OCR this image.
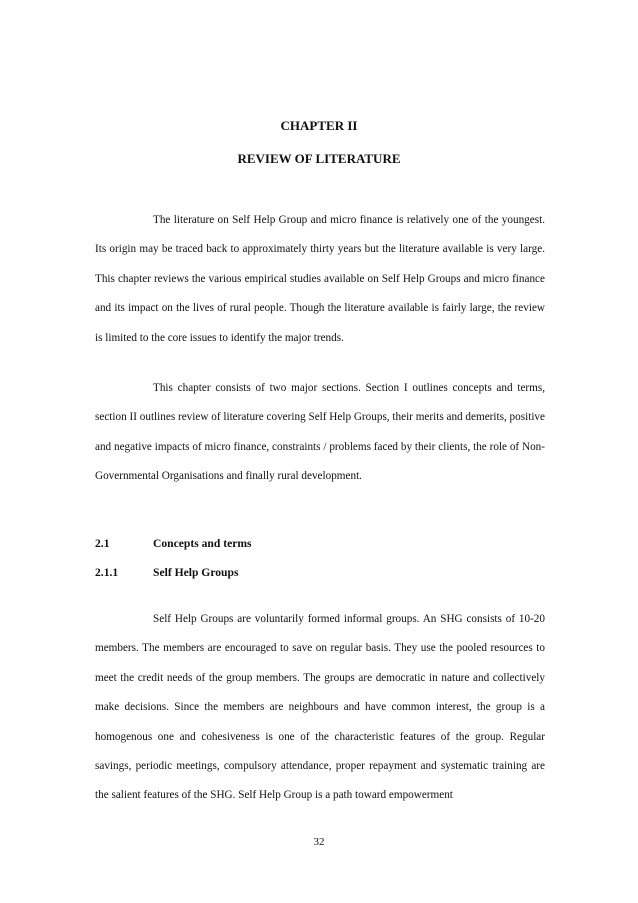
CHAPTER II
REVIEW OF LITERATURE
The literature on Self Help Group and micro finance is relatively one of the youngest. Its origin may be traced back to approximately thirty years but the literature available is very large. This chapter reviews the various empirical studies available on Self Help Groups and micro finance and its impact on the lives of rural people. Though the literature available is fairly large, the review is limited to the core issues to identify the major trends.
This chapter consists of two major sections. Section I outlines concepts and terms, section II outlines review of literature covering Self Help Groups, their merits and demerits, positive and negative impacts of micro finance, constraints / problems faced by their clients, the role of Non-Governmental Organisations and finally rural development.
2.1	Concepts and terms
2.1.1	Self Help Groups
Self Help Groups are voluntarily formed informal groups. An SHG consists of 10-20 members. The members are encouraged to save on regular basis. They use the pooled resources to meet the credit needs of the group members. The groups are democratic in nature and collectively make decisions. Since the members are neighbours and have common interest, the group is a homogenous one and cohesiveness is one of the characteristic features of the group. Regular savings, periodic meetings, compulsory attendance, proper repayment and systematic training are the salient features of the SHG. Self Help Group is a path toward empowerment
32
